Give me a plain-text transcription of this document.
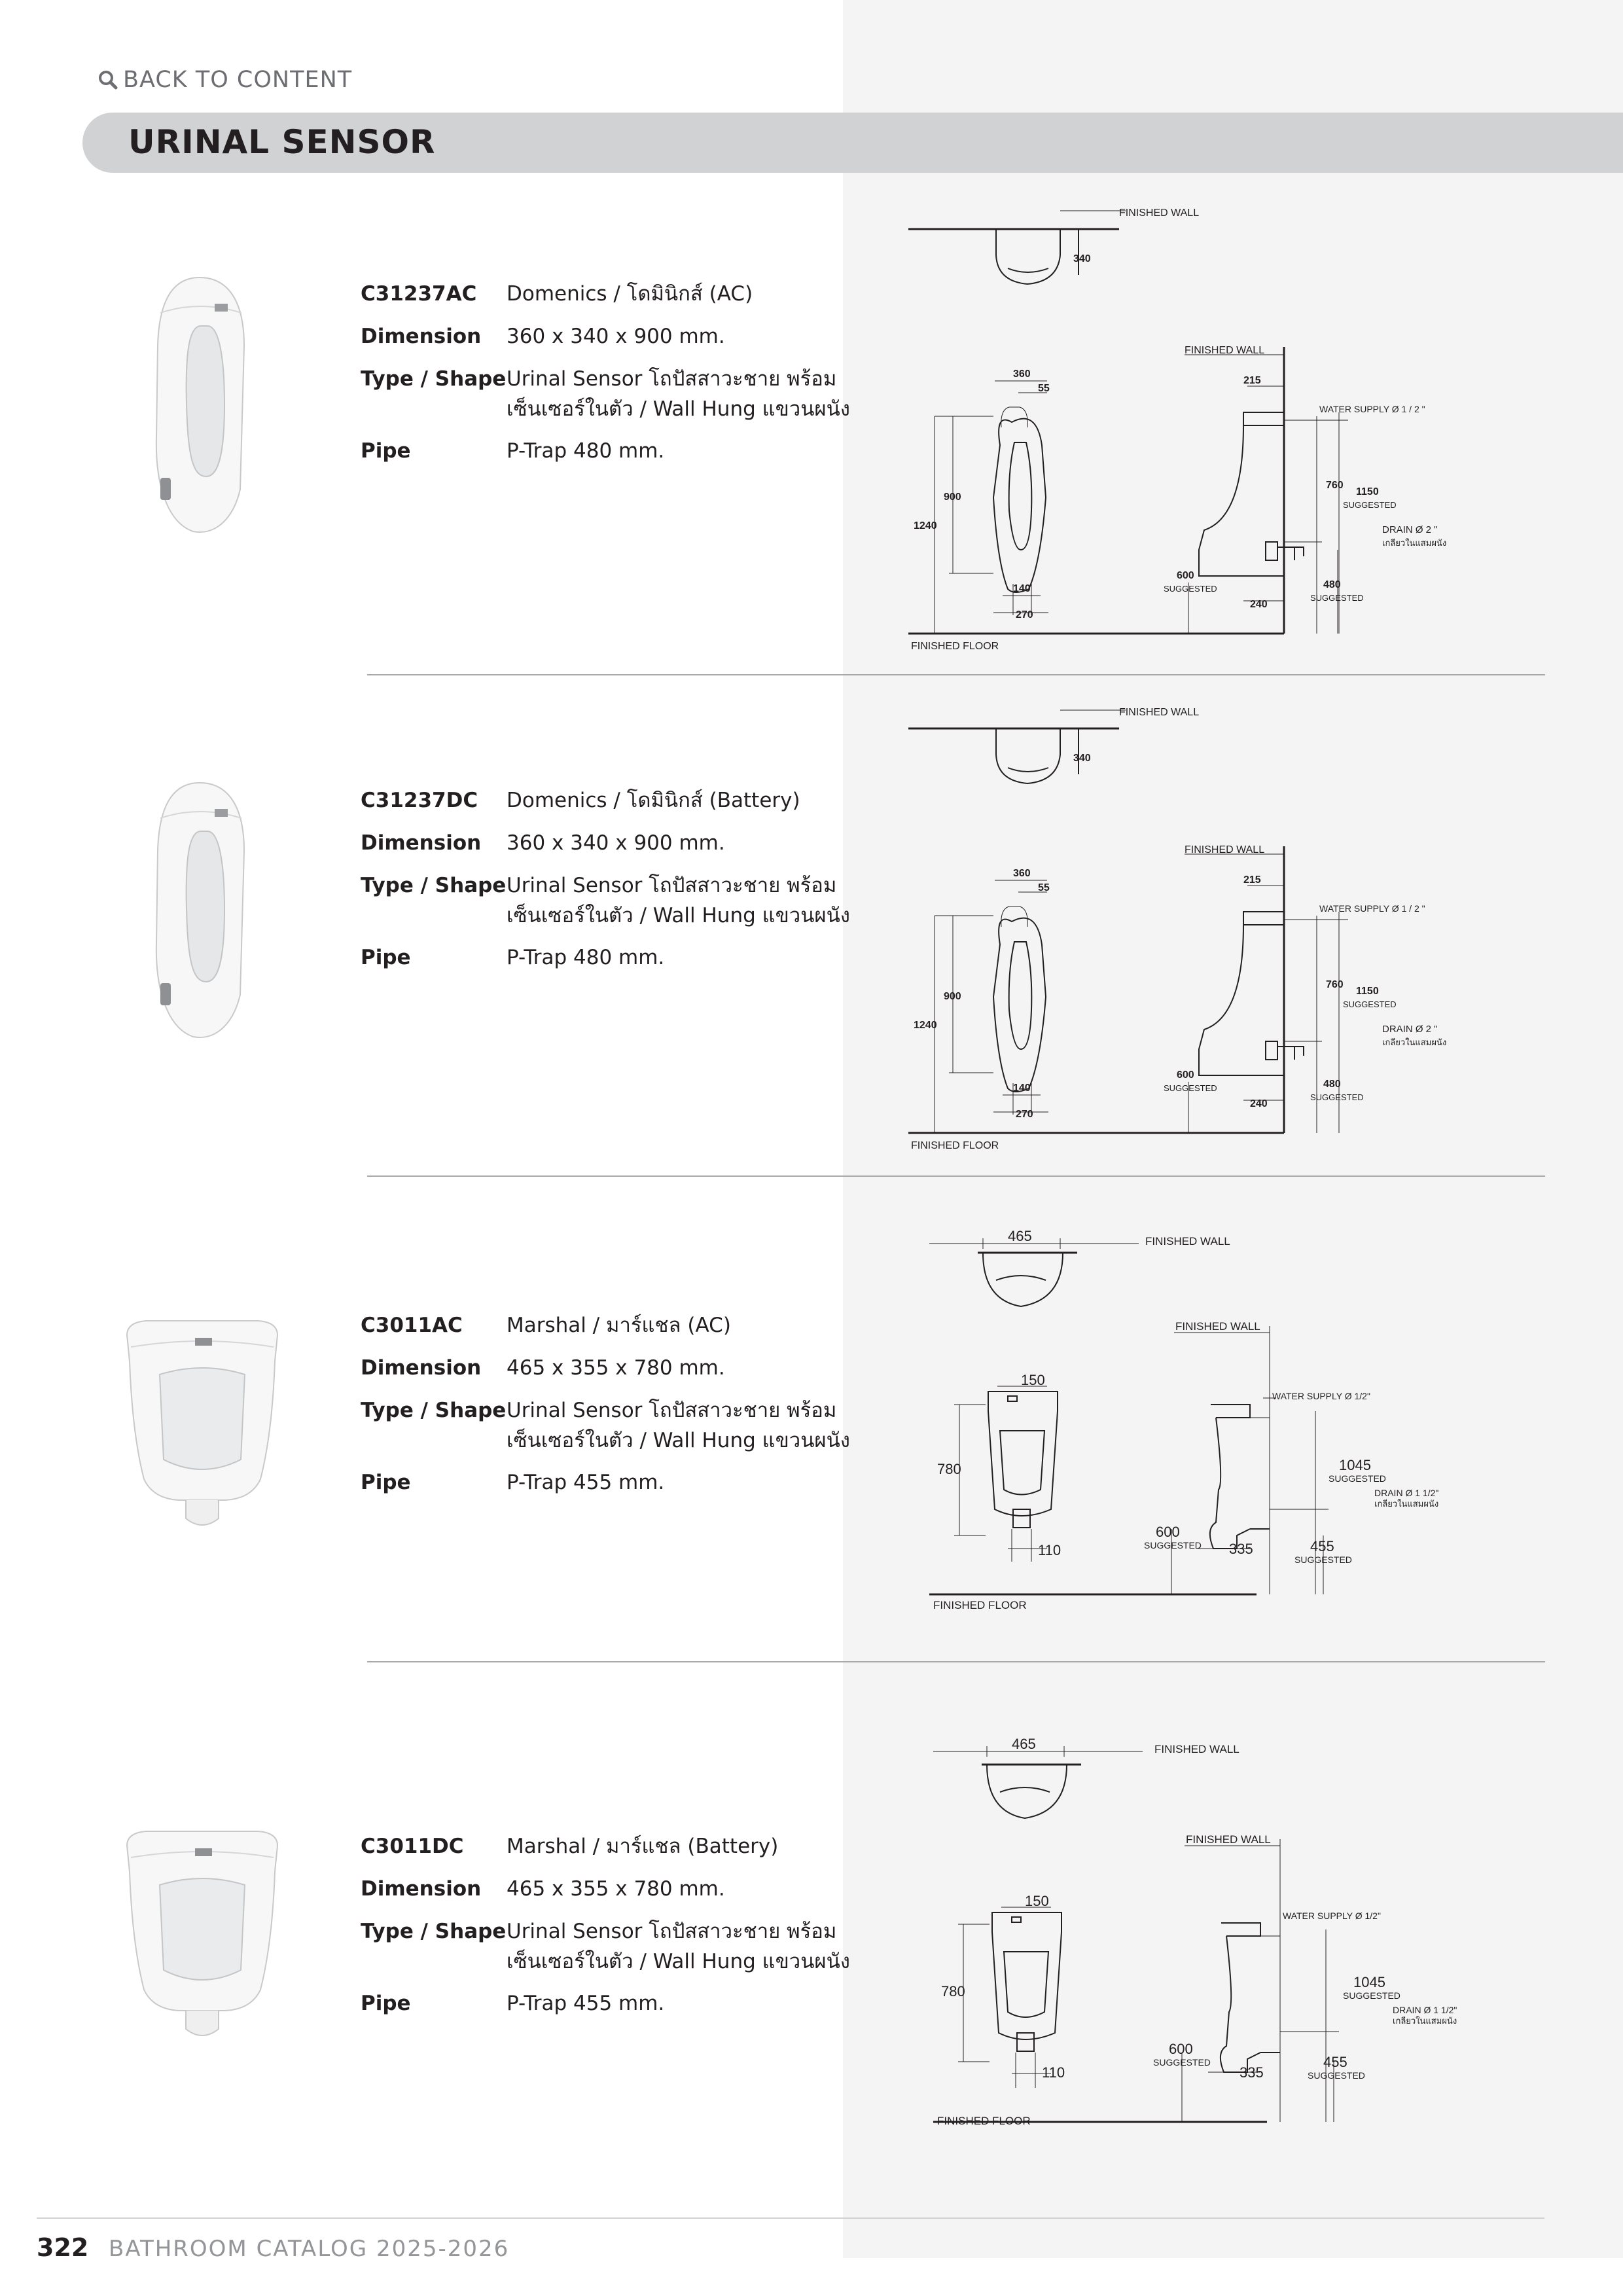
BACK TO CONTENT
URINAL SENSOR
C31237AC Domenics / โดมินิกส์ (AC)
Dimension 360 x 340 x 900 mm.
Type / Shape Urinal Sensor โถปัสสาวะชาย พร้อม
เซ็นเซอร์ในตัว / Wall Hung แขวนผนัง
Pipe	P-Trap 480 mm.
FINISHED WALL
340
FINISHED WALL
360
55
215
WATER SUPPLY Ø 1 / 2 "
900
1240
760
1150
SUGGESTED
DRAIN Ø 2 "
เกลียวในแสมผนัง
600
SUGGESTED	480
SUGGESTED
140
240
270
FINISHED FLOOR
C31237DC Domenics / โดมินิกส์ (Battery)
Dimension 360 x 340 x 900 mm.
Type / Shape Urinal Sensor โถปัสสาวะชาย พร้อม
เซ็นเซอร์ในตัว / Wall Hung แขวนผนัง
Pipe	P-Trap 480 mm.
FINISHED WALL
340
FINISHED WALL
360
55
215
WATER SUPPLY Ø 1 / 2 "
900
1240
760
1150
SUGGESTED
DRAIN Ø 2 "
เกลียวในแสมผนัง
600
SUGGESTED	480
SUGGESTED
140
240
270
FINISHED FLOOR
C3011AC Marshal / มาร์แชล (AC)
Dimension 465 x 355 x 780 mm.
Type / Shape Urinal Sensor โถปัสสาวะชาย พร้อม
เซ็นเซอร์ในตัว / Wall Hung แขวนผนัง
Pipe	P-Trap 455 mm.
465	FINISHED WALL
FINISHED WALL
150
WATER SUPPLY Ø 1/2"
780	1045
SUGGESTED
DRAIN Ø 1 1/2"
เกลียวในแสมผนัง
600
SUGGESTED	455
SUGGESTED
110	335
FINISHED FLOOR
C3011DC Marshal / มาร์แชล (Battery)
Dimension 465 x 355 x 780 mm.
Type / Shape Urinal Sensor โถปัสสาวะชาย พร้อม
เซ็นเซอร์ในตัว / Wall Hung แขวนผนัง
Pipe	P-Trap 455 mm.
465	FINISHED WALL
FINISHED WALL
150
WATER SUPPLY Ø 1/2"
780
1045
SUGGESTED
DRAIN Ø 1 1/2"
เกลียวในแสมผนัง
600
SUGGESTED	455
SUGGESTED
110	335
FINISHED FLOOR
322 BATHROOM CATALOG 2025-2026
